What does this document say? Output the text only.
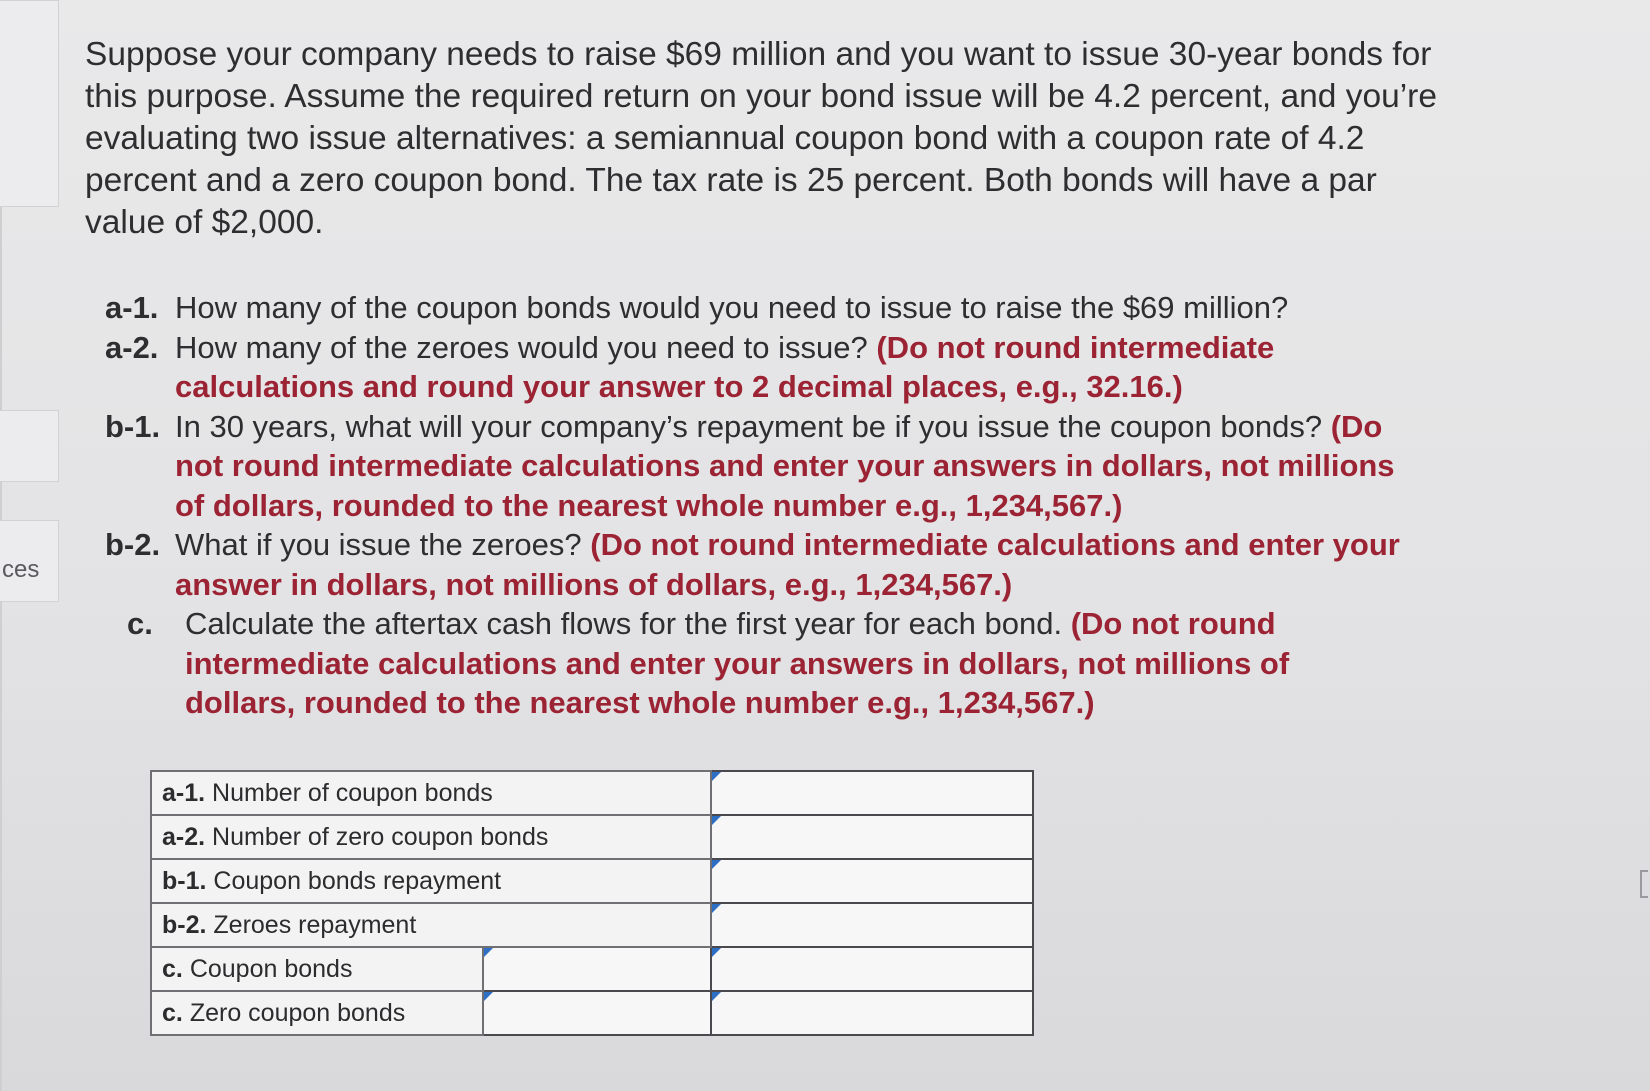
ces
Suppose your company needs to raise $69 million and you want to issue 30-year bonds for this purpose. Assume the required return on your bond issue will be 4.2 percent, and you’re evaluating two issue alternatives: a semiannual coupon bond with a coupon rate of 4.2 percent and a zero coupon bond. The tax rate is 25 percent. Both bonds will have a par value of $2,000.
a-1. How many of the coupon bonds would you need to issue to raise the $69 million?
a-2. How many of the zeroes would you need to issue? (Do not round intermediate calculations and round your answer to 2 decimal places, e.g., 32.16.)
b-1. In 30 years, what will your company’s repayment be if you issue the coupon bonds? (Do not round intermediate calculations and enter your answers in dollars, not millions of dollars, rounded to the nearest whole number e.g., 1,234,567.)
b-2. What if you issue the zeroes? (Do not round intermediate calculations and enter your answer in dollars, not millions of dollars, e.g., 1,234,567.)
c.	Calculate the aftertax cash flows for the first year for each bond. (Do not round intermediate calculations and enter your answers in dollars, not millions of dollars, rounded to the nearest whole number e.g., 1,234,567.)
a-1. Number of coupon bonds	

a-2. Number of zero coupon bonds	

b-1. Coupon bonds repayment	

b-2. Zeroes repayment	

c. Coupon bonds	

c. Zero coupon bonds	
